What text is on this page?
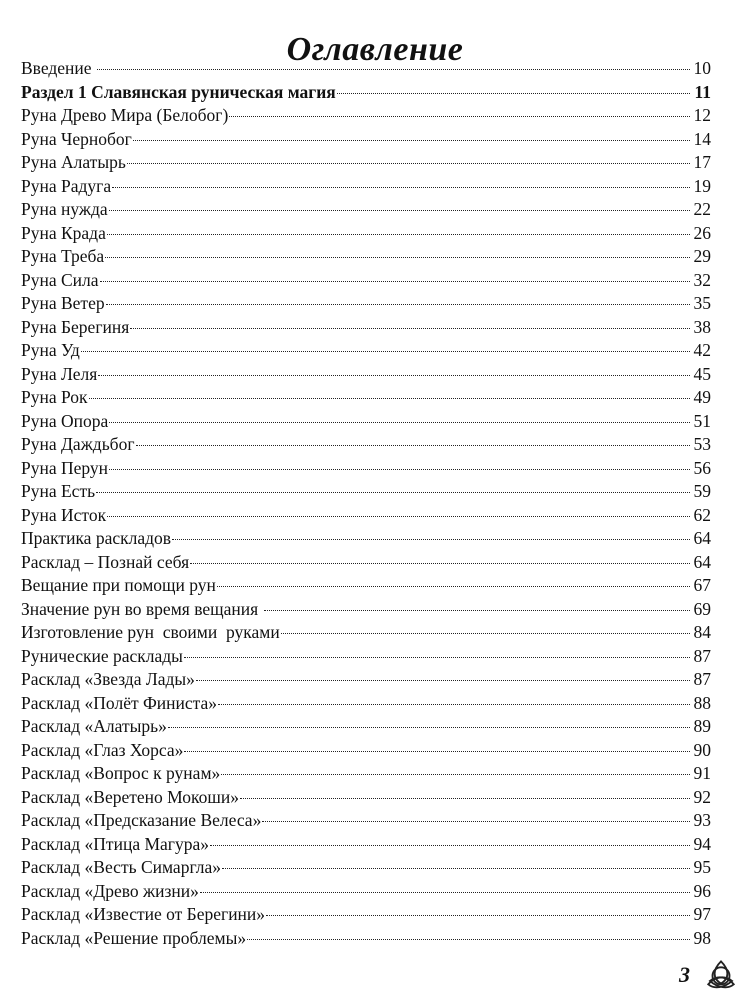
Оглавление
Введение	10
Раздел 1 Славянская руническая магия	11
Руна Древо Мира (Белобог)	12
Руна Чернобог	14
Руна Алатырь	17
Руна Радуга	19
Руна нужда	22
Руна Крада	26
Руна Треба	29
Руна Сила	32
Руна Ветер	35
Руна Берегиня	38
Руна Уд	42
Руна Леля	45
Руна Рок	49
Руна Опора	51
Руна Даждьбог	53
Руна Перун	56
Руна Есть	59
Руна Исток	62
Практика раскладов	64
Расклад – Познай себя	64
Вещание при помощи рун	67
Значение рун во время вещания	69
Изготовление рун  своими  руками	84
Рунические расклады	87
Расклад «Звезда Лады»	87
Расклад «Полёт Финиста»	88
Расклад «Алатырь»	89
Расклад «Глаз Хорса»	90
Расклад «Вопрос к рунам»	91
Расклад «Веретено Мокоши»	92
Расклад «Предсказание Велеса»	93
Расклад «Птица Магура»	94
Расклад «Весть Симаргла»	95
Расклад «Древо жизни»	96
Расклад «Известие от Берегини»	97
Расклад «Решение проблемы»	98
3
